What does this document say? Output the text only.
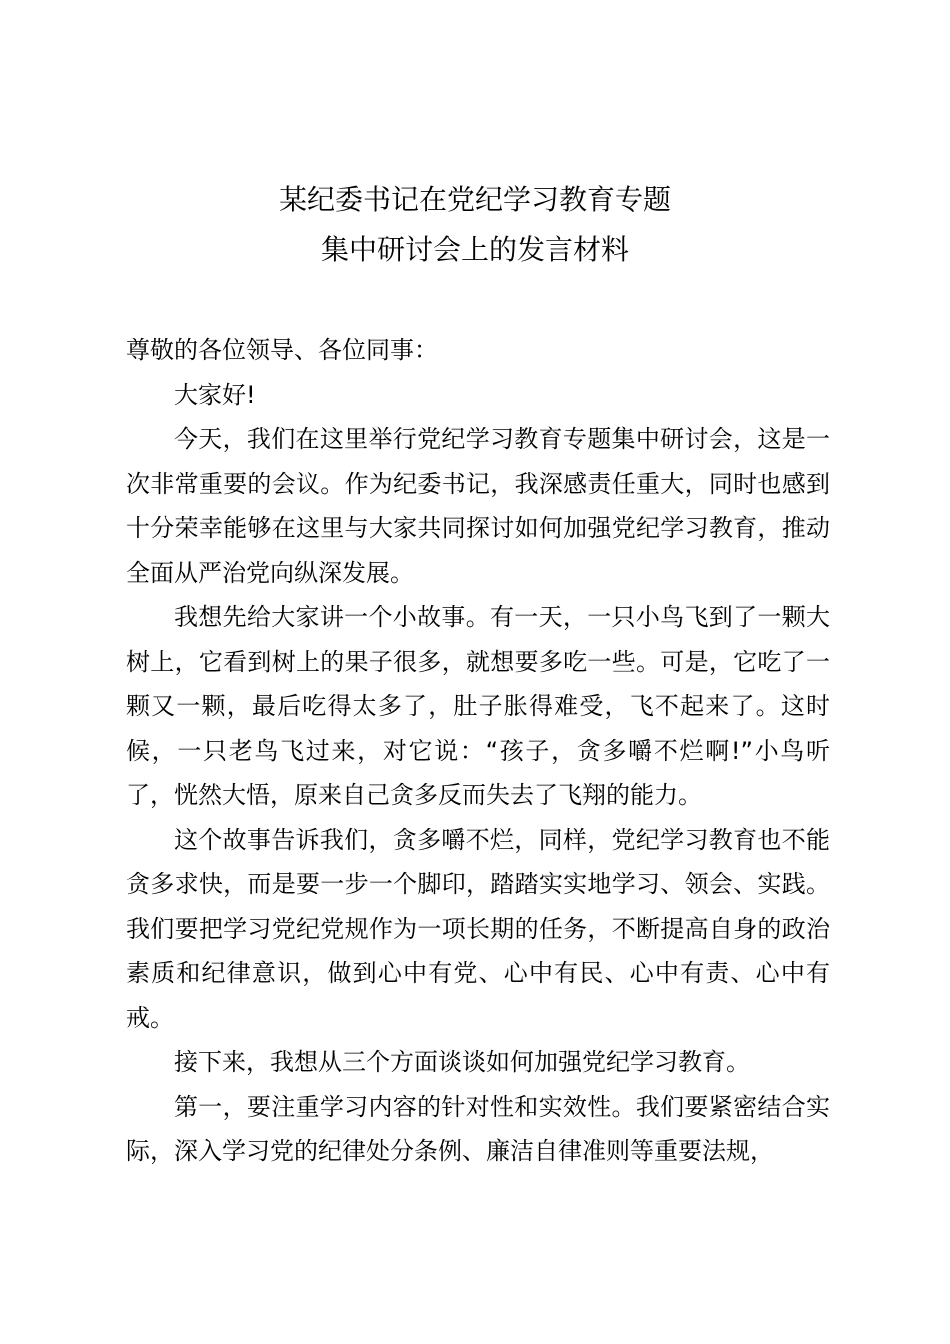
某纪委书记在党纪学习教育专题
集中研讨会上的发言材料

尊敬的各位领导、各位同事：

大家好!

今天，我们在这里举行党纪学习教育专题集中研讨会，这是一次非常重要的会议。作为纪委书记，我深感责任重大，同时也感到十分荣幸能够在这里与大家共同探讨如何加强党纪学习教育，推动全面从严治党向纵深发展。

我想先给大家讲一个小故事。有一天，一只小鸟飞到了一颗大树上，它看到树上的果子很多，就想要多吃一些。可是，它吃了一颗又一颗，最后吃得太多了，肚子胀得难受，飞不起来了。这时候，一只老鸟飞过来，对它说：“孩子，贪多嚼不烂啊!”小鸟听了，恍然大悟，原来自己贪多反而失去了飞翔的能力。

这个故事告诉我们，贪多嚼不烂，同样，党纪学习教育也不能贪多求快，而是要一步一个脚印，踏踏实实地学习、领会、实践。我们要把学习党纪党规作为一项长期的任务，不断提高自身的政治素质和纪律意识，做到心中有党、心中有民、心中有责、心中有戒。

接下来，我想从三个方面谈谈如何加强党纪学习教育。

第一，要注重学习内容的针对性和实效性。我们要紧密结合实际，深入学习党的纪律处分条例、廉洁自律准则等重要法规，
